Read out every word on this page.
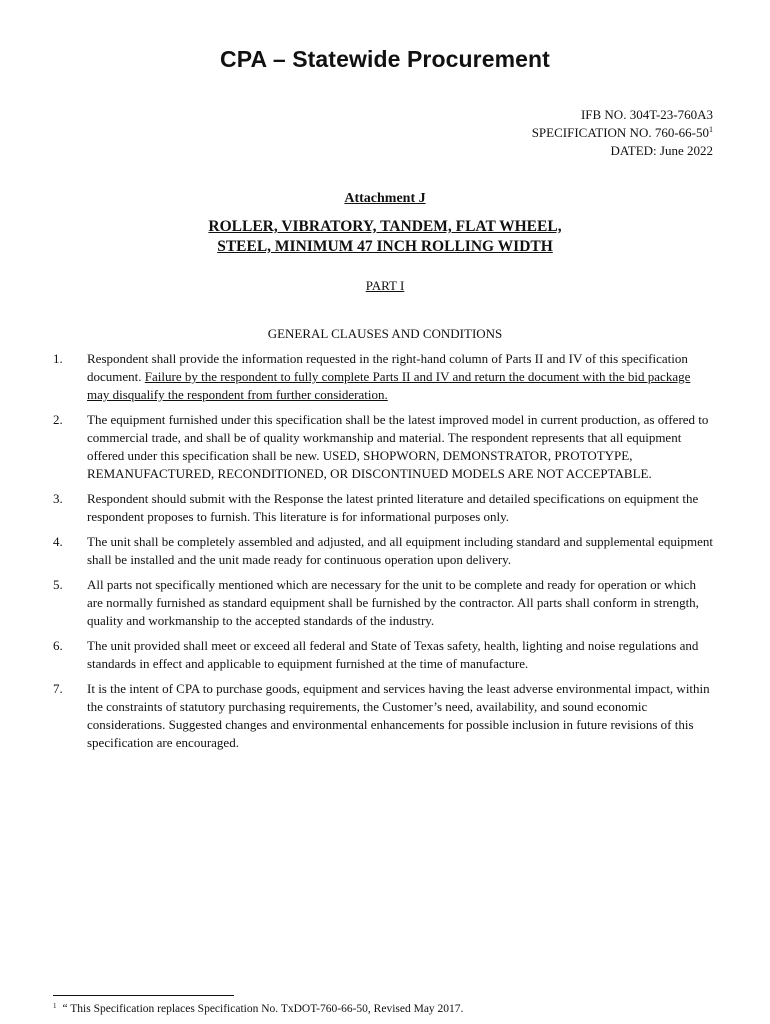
CPA – Statewide Procurement
IFB NO. 304T-23-760A3
SPECIFICATION NO. $760-66-50^1$
DATED: June 2022
Attachment J
ROLLER, VIBRATORY, TANDEM, FLAT WHEEL,
STEEL, MINIMUM 47 INCH ROLLING WIDTH
PART I
GENERAL CLAUSES AND CONDITIONS
1.	Respondent shall provide the information requested in the right-hand column of Parts II and IV of this specification document. Failure by the respondent to fully complete Parts II and IV and return the document with the bid package may disqualify the respondent from further consideration.
2.	The equipment furnished under this specification shall be the latest improved model in current production, as offered to commercial trade, and shall be of quality workmanship and material. The respondent represents that all equipment offered under this specification shall be new. USED, SHOPWORN, DEMONSTRATOR, PROTOTYPE, REMANUFACTURED, RECONDITIONED, OR DISCONTINUED MODELS ARE NOT ACCEPTABLE.
3.	Respondent should submit with the Response the latest printed literature and detailed specifications on equipment the respondent proposes to furnish. This literature is for informational purposes only.
4.	The unit shall be completely assembled and adjusted, and all equipment including standard and supplemental equipment shall be installed and the unit made ready for continuous operation upon delivery.
5.	All parts not specifically mentioned which are necessary for the unit to be complete and ready for operation or which are normally furnished as standard equipment shall be furnished by the contractor. All parts shall conform in strength, quality and workmanship to the accepted standards of the industry.
6.	The unit provided shall meet or exceed all federal and State of Texas safety, health, lighting and noise regulations and standards in effect and applicable to equipment furnished at the time of manufacture.
7.	It is the intent of CPA to purchase goods, equipment and services having the least adverse environmental impact, within the constraints of statutory purchasing requirements, the Customer’s need, availability, and sound economic considerations. Suggested changes and environmental enhancements for possible inclusion in future revisions of this specification are encouraged.
$^1$ “ This Specification replaces Specification No. TxDOT-760-66-50, Revised May 2017.
